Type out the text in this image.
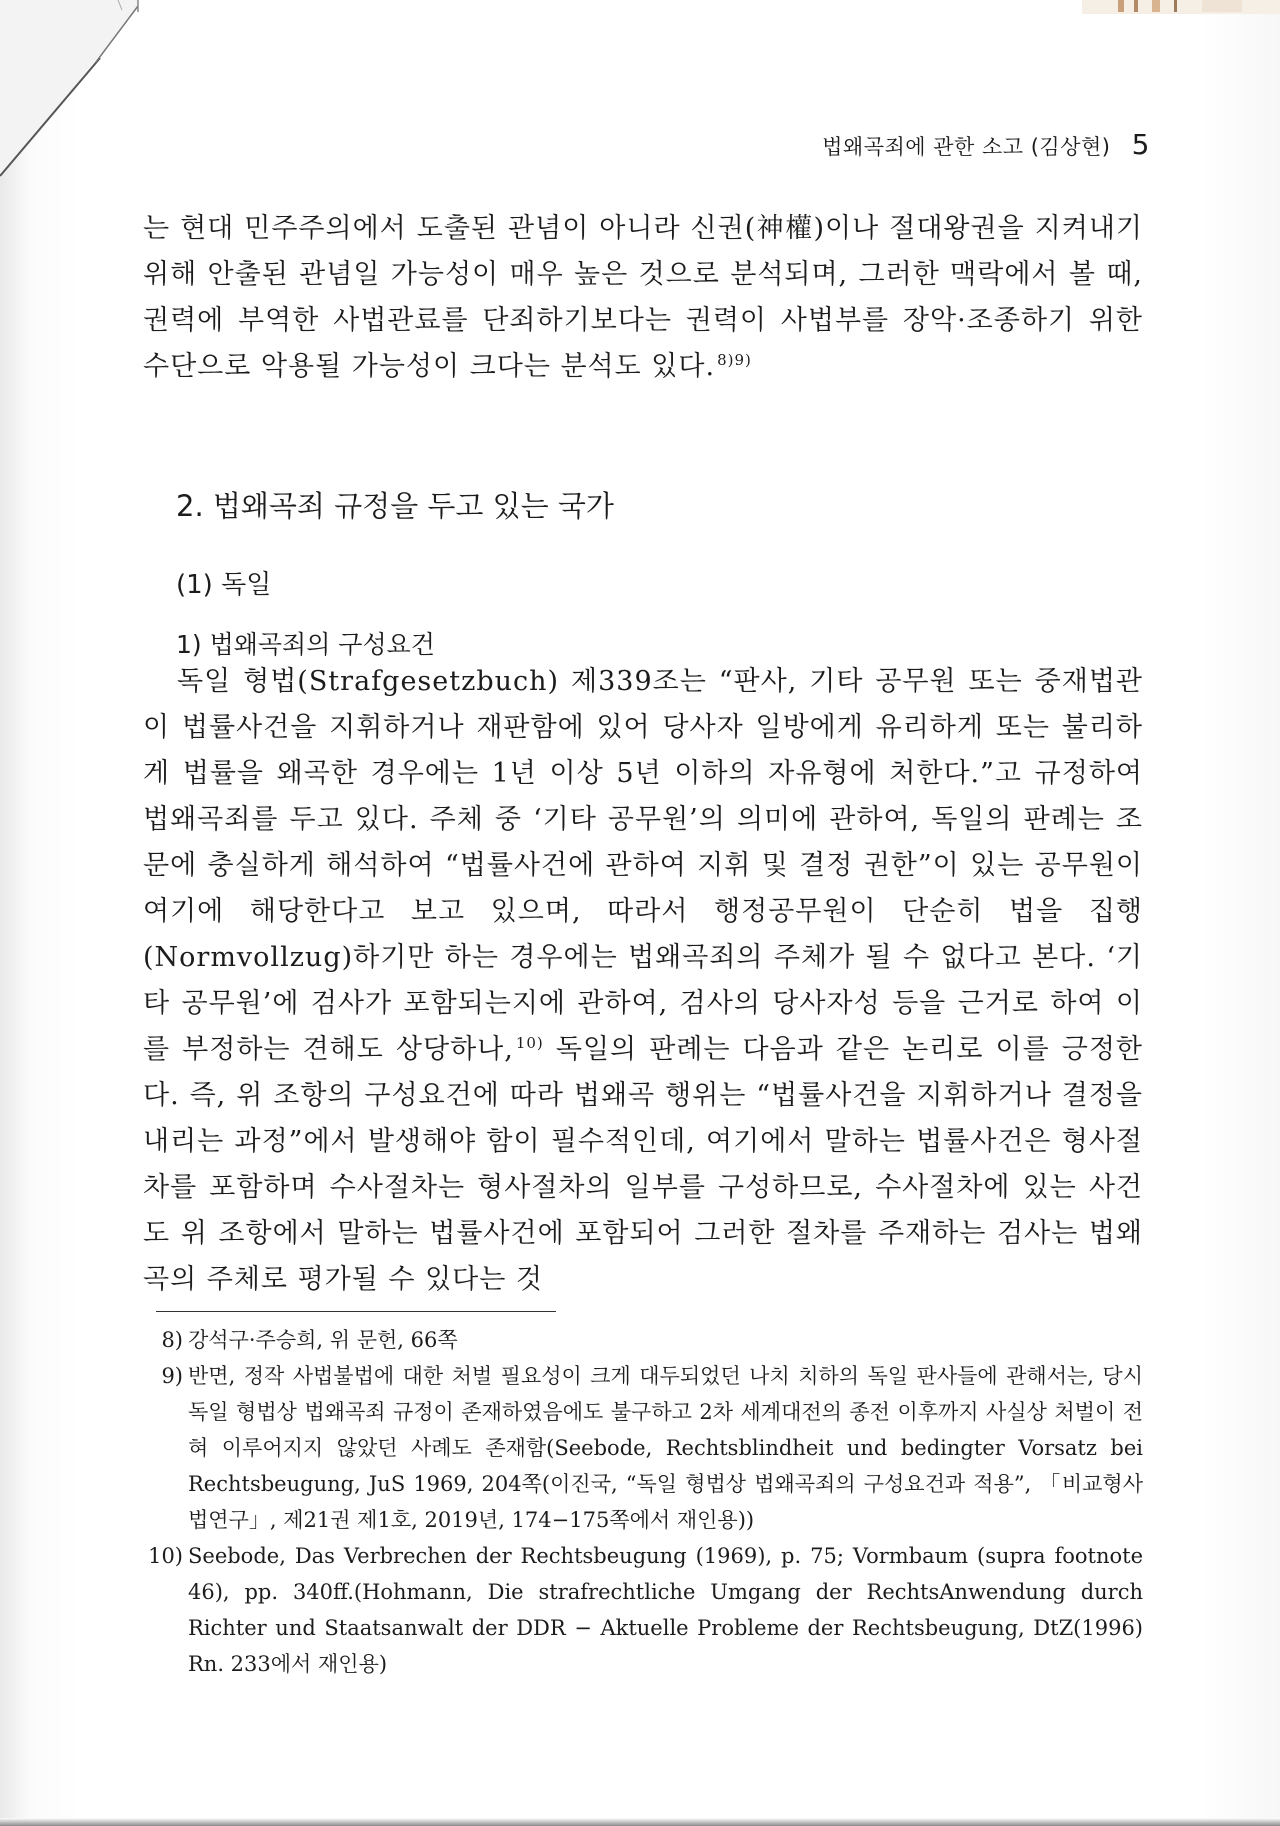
법왜곡죄에 관한 소고 (김상현) 5

는 현대 민주주의에서 도출된 관념이 아니라 신권(神權)이나 절대왕권을 지켜내기 위해 안출된 관념일 가능성이 매우 높은 것으로 분석되며, 그러한 맥락에서 볼 때, 권력에 부역한 사법관료를 단죄하기보다는 권력이 사법부를 장악·조종하기 위한 수단으로 악용될 가능성이 크다는 분석도 있다. $^{8)9)}$

2. 법왜곡죄 규정을 두고 있는 국가
(1) 독일
1) 법왜곡죄의 구성요건

독일 형법(Strafgesetzbuch) 제339조는 “판사, 기타 공무원 또는 중재법관이 법률사건을 지휘하거나 재판함에 있어 당사자 일방에게 유리하게 또는 불리하게 법률을 왜곡한 경우에는 1년 이상 5년 이하의 자유형에 처한다.”고 규정하여 법왜곡죄를 두고 있다. 주체 중 ‘기타 공무원’의 의미에 관하여, 독일의 판례는 조문에 충실하게 해석하여 “법률사건에 관하여 지휘 및 결정 권한”이 있는 공무원이 여기에 해당한다고 보고 있으며, 따라서 행정공무원이 단순히 법을 집행(Normvollzug)하기만 하는 경우에는 법왜곡죄의 주체가 될 수 없다고 본다. ‘기타 공무원’에 검사가 포함되는지에 관하여, 검사의 당사자성 등을 근거로 하여 이를 부정하는 견해도 상당하나, $^{10)}$ 독일의 판례는 다음과 같은 논리로 이를 긍정한다. 즉, 위 조항의 구성요건에 따라 법왜곡 행위는 “법률사건을 지휘하거나 결정을 내리는 과정”에서 발생해야 함이 필수적인데, 여기에서 말하는 법률사건은 형사절차를 포함하며 수사절차는 형사절차의 일부를 구성하므로, 수사절차에 있는 사건도 위 조항에서 말하는 법률사건에 포함되어 그러한 절차를 주재하는 검사는 법왜곡의 주체로 평가될 수 있다는 것

8) 강석구·주승희, 위 문헌, 66쪽
9) 반면, 정작 사법불법에 대한 처벌 필요성이 크게 대두되었던 나치 치하의 독일 판사들에 관해서는, 당시 독일 형법상 법왜곡죄 규정이 존재하였음에도 불구하고 2차 세계대전의 종전 이후까지 사실상 처벌이 전혀 이루어지지 않았던 사례도 존재함(Seebode, Rechtsblindheit und bedingter Vorsatz bei Rechtsbeugung, JuS 1969, 204쪽(이진국, “독일 형법상 법왜곡죄의 구성요건과 적용”, 「비교형사법연구」, 제21권 제1호, 2019년, 174−175쪽에서 재인용))
10) Seebode, Das Verbrechen der Rechtsbeugung (1969), p. 75; Vormbaum (supra footnote 46), pp. 340ff.(Hohmann, Die strafrechtliche Umgang der RechtsAnwendung durch Richter und Staatsanwalt der DDR − Aktuelle Probleme der Rechtsbeugung, DtZ(1996) Rn. 233에서 재인용)
